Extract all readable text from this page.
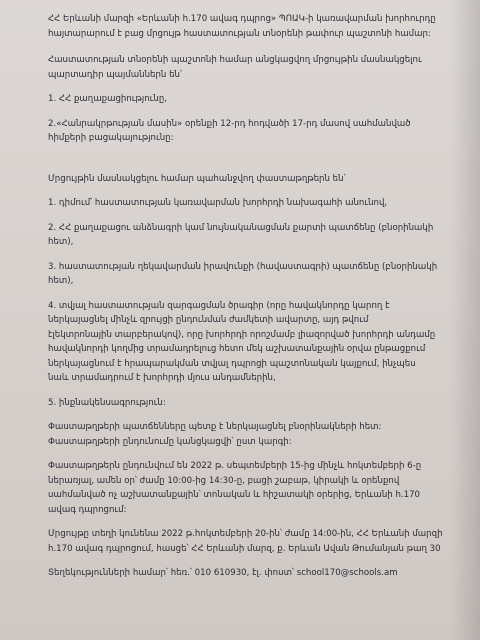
ՀՀ Երևանի մարզի «Երևանի հ.170 ավագ դպրոց» ՊՈԱԿ-ի կառավարման խորհուրդը
հայտարարում է բաց մրցույթ հաստատության տնօրենի թափուր պաշտոնի համար:
Հաստատության տնօրենի պաշտոնի համար անցկացվող մրցույթին մասնակցելու
պարտադիր պայմաններն են՝
1. ՀՀ քաղաքացիությունը,
2.«Հանրակրթության մասին» օրենքի 12-րդ հոդվածի 17-րդ մասով սահմանված
հիմքերի բացակայությունը:
Մրցույթին մասնակցելու համար պահանջվող փաստաթղթերն են՝
1. դիմում՝ հաստատության կառավարման խորհրդի նախագահի անունով,
2. ՀՀ քաղաքացու անձնագրի կամ նույնականացման քարտի պատճենը (բնօրինակի
հետ),
3. հաստատության ղեկավարման իրավունքի (հավաստագրի) պատճենը (բնօրինակի
հետ),
4. տվյալ հաստատության զարգացման ծրագիր (որը հավակնորդը կարող է
ներկայացնել մինչև զրույցի ընդունման ժամկետի ավարտը, այդ թվում
էլեկտրոնային տարբերակով), որը խորհրդի որոշմամբ լիազորված խորհրդի անդամը
հավակնորդի կողմից տրամադրելուց հետո մեկ աշխատանքային օրվա ընթացքում
ներկայացնում է հրապարակման տվյալ դպրոցի պաշտոնական կայքում, ինչպես
նաև տրամադրում է խորհրդի մյուս անդամներին,
5. ինքնակենսագրություն:
Փաստաթղթերի պատճենները պետք է ներկայացնել բնօրինակների հետ:
Փաստաթղթերի ընդունումը կանցկացվի՝ ըստ կարգի:
Փաստաթղթերն ընդունվում են 2022 թ. սեպտեմբերի 15-ից մինչև հոկտեմբերի 6-ը
ներառյալ, ամեն օր՝ ժամը 10:00-ից 14:30-ը, բացի շաբաթ, կիրակի և օրենքով
սահմանված ոչ աշխատանքային՝ տոնական և հիշատակի օրերից, Երևանի հ.170
ավագ դպրոցում:
Մրցույթը տեղի կունենա 2022 թ.հոկտեմբերի 20-ին՝ ժամը 14:00-ին, ՀՀ Երևանի մարզի
հ.170 ավագ դպրոցում, հասցե՝ ՀՀ Երևանի մարզ, ք. Երևան Ավան Թումանյան թաղ 30
Տեղեկությունների համար՝ հեռ.՝ 010 610930, էլ. փոստ՝ school170@schools.am
